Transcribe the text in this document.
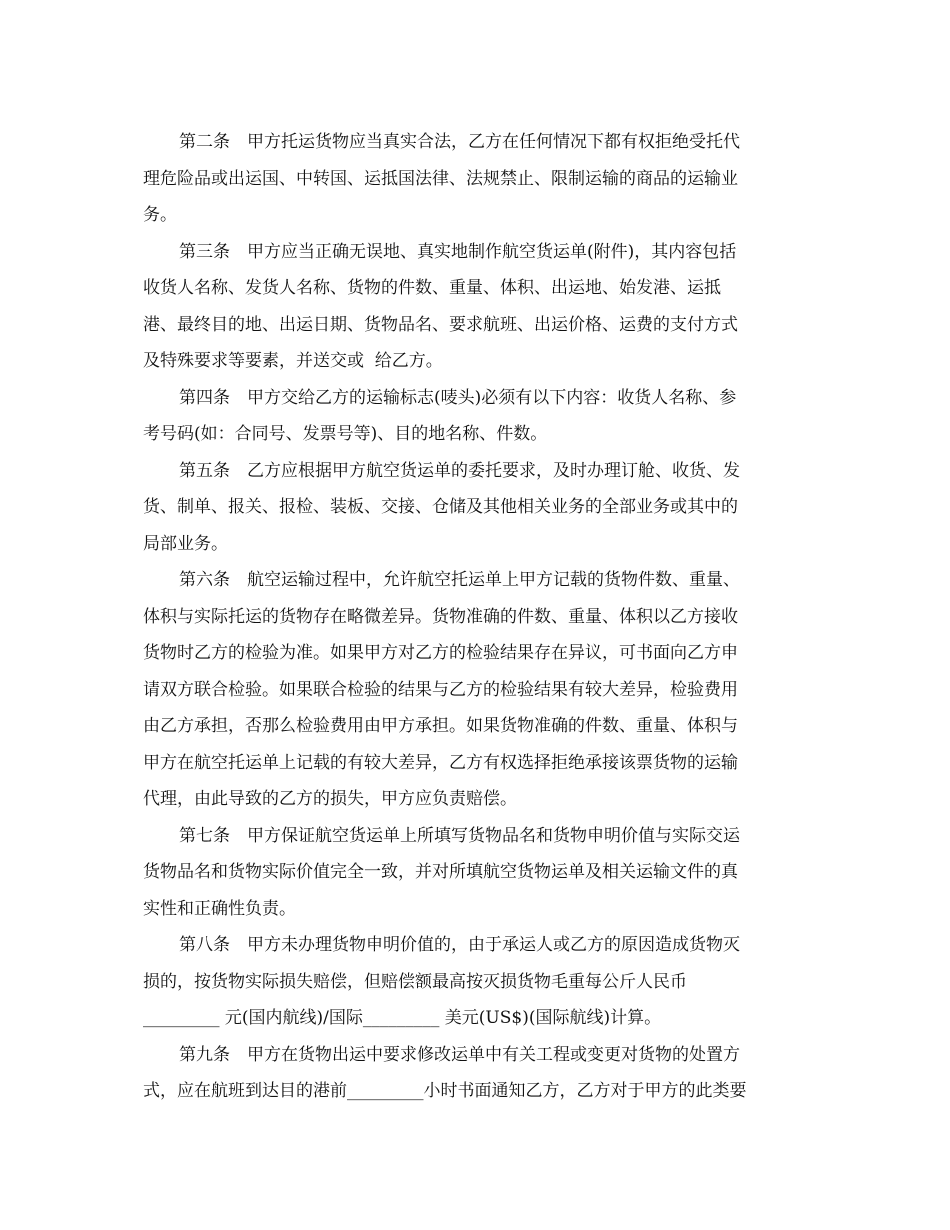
第二条　甲方托运货物应当真实合法，乙方在任何情况下都有权拒绝受托代
理危险品或出运国、中转国、运抵国法律、法规禁止、限制运输的商品的运输业
务。
第三条　甲方应当正确无误地、真实地制作航空货运单(附件)，其内容包括
收货人名称、发货人名称、货物的件数、重量、体积、出运地、始发港、运抵
港、最终目的地、出运日期、货物品名、要求航班、出运价格、运费的支付方式
及特殊要求等要素，并送交或  给乙方。
第四条　甲方交给乙方的运输标志(唛头)必须有以下内容：收货人名称、参
考号码(如：合同号、发票号等)、目的地名称、件数。
第五条　乙方应根据甲方航空货运单的委托要求，及时办理订舱、收货、发
货、制单、报关、报检、装板、交接、仓储及其他相关业务的全部业务或其中的
局部业务。
第六条　航空运输过程中，允许航空托运单上甲方记载的货物件数、重量、
体积与实际托运的货物存在略微差异。货物准确的件数、重量、体积以乙方接收
货物时乙方的检验为准。如果甲方对乙方的检验结果存在异议，可书面向乙方申
请双方联合检验。如果联合检验的结果与乙方的检验结果有较大差异，检验费用
由乙方承担，否那么检验费用由甲方承担。如果货物准确的件数、重量、体积与
甲方在航空托运单上记载的有较大差异，乙方有权选择拒绝承接该票货物的运输
代理，由此导致的乙方的损失，甲方应负责赔偿。
第七条　甲方保证航空货运单上所填写货物品名和货物申明价值与实际交运
货物品名和货物实际价值完全一致，并对所填航空货物运单及相关运输文件的真
实性和正确性负责。
第八条　甲方未办理货物申明价值的，由于承运人或乙方的原因造成货物灭
损的，按货物实际损失赔偿，但赔偿额最高按灭损货物毛重每公斤人民币
_________ 元(国内航线)/国际_________ 美元(US$)(国际航线)计算。
第九条　甲方在货物出运中要求修改运单中有关工程或变更对货物的处置方
式，应在航班到达目的港前_________小时书面通知乙方，乙方对于甲方的此类要
